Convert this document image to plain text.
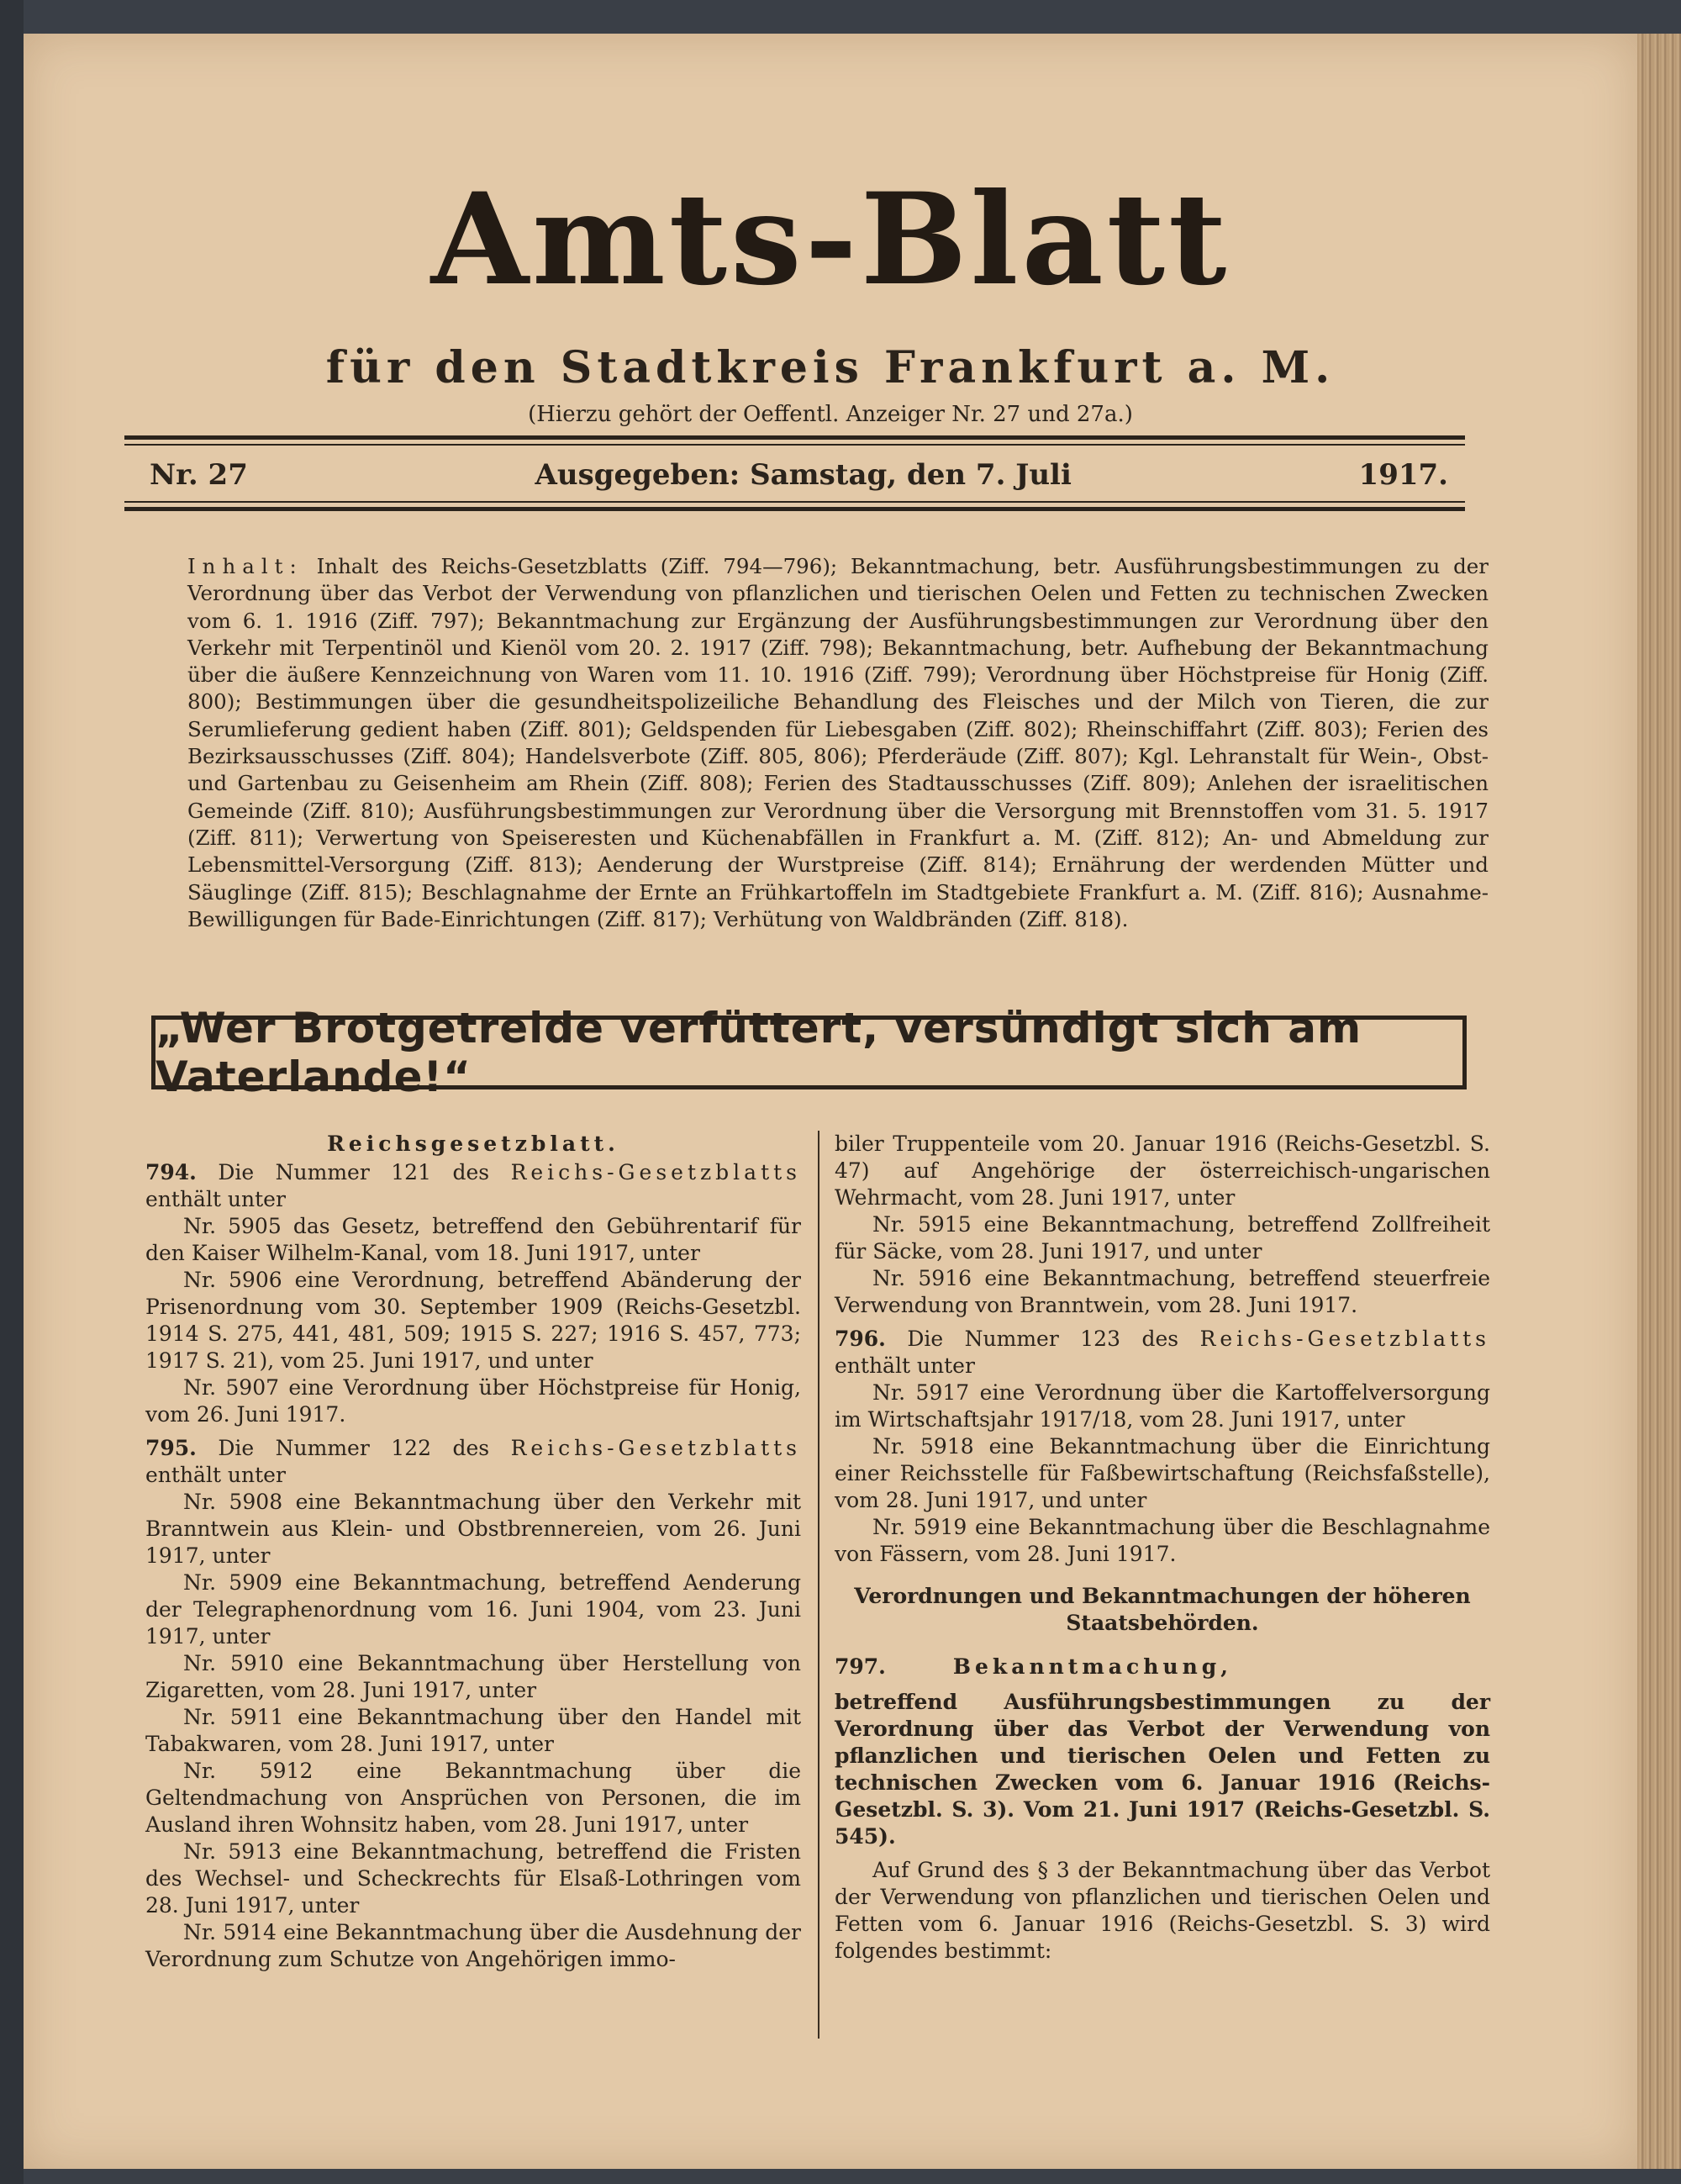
Amts-Blatt
für den Stadtkreis Frankfurt a. M.
(Hierzu gehört der Oeffentl. Anzeiger Nr. 27 und 27a.)
Nr. 27	Ausgegeben: Samstag, den 7. Juli	1917.
Inhalt: Inhalt des Reichs-Gesetzblatts (Ziff. 794—796); Bekanntmachung, betr. Ausführungsbestimmungen zu der Verordnung über das Verbot der Verwendung von pflanzlichen und tierischen Oelen und Fetten zu technischen Zwecken vom 6. 1. 1916 (Ziff. 797); Bekanntmachung zur Ergänzung der Ausführungsbestimmungen zur Verordnung über den Verkehr mit Terpentinöl und Kienöl vom 20. 2. 1917 (Ziff. 798); Bekanntmachung, betr. Aufhebung der Bekanntmachung über die äußere Kennzeichnung von Waren vom 11. 10. 1916 (Ziff. 799); Verordnung über Höchstpreise für Honig (Ziff. 800); Bestimmungen über die gesundheitspolizeiliche Behandlung des Fleisches und der Milch von Tieren, die zur Serumlieferung gedient haben (Ziff. 801); Geldspenden für Liebesgaben (Ziff. 802); Rheinschiffahrt (Ziff. 803); Ferien des Bezirksausschusses (Ziff. 804); Handelsverbote (Ziff. 805, 806); Pferderäude (Ziff. 807); Kgl. Lehranstalt für Wein-, Obst- und Gartenbau zu Geisenheim am Rhein (Ziff. 808); Ferien des Stadtausschusses (Ziff. 809); Anlehen der israelitischen Gemeinde (Ziff. 810); Ausführungsbestimmungen zur Verordnung über die Versorgung mit Brennstoffen vom 31. 5. 1917 (Ziff. 811); Verwertung von Speiseresten und Küchenabfällen in Frankfurt a. M. (Ziff. 812); An- und Abmeldung zur Lebensmittel-Versorgung (Ziff. 813); Aenderung der Wurstpreise (Ziff. 814); Ernährung der werdenden Mütter und Säuglinge (Ziff. 815); Beschlagnahme der Ernte an Frühkartoffeln im Stadtgebiete Frankfurt a. M. (Ziff. 816); Ausnahme-Bewilligungen für Bade-Einrichtungen (Ziff. 817); Verhütung von Waldbränden (Ziff. 818).
„Wer Brotgetreide verfüttert, versündigt sich am Vaterlande!“
Reichsgesetzblatt.

794. Die Nummer 121 des Reichs-Gesetzblatts enthält unter

Nr. 5905 das Gesetz, betreffend den Gebührentarif für den Kaiser Wilhelm-Kanal, vom 18. Juni 1917, unter

Nr. 5906 eine Verordnung, betreffend Abänderung der Prisenordnung vom 30. September 1909 (Reichs-Gesetzbl. 1914 S. 275, 441, 481, 509; 1915 S. 227; 1916 S. 457, 773; 1917 S. 21), vom 25. Juni 1917, und unter

Nr. 5907 eine Verordnung über Höchstpreise für Honig, vom 26. Juni 1917.

795. Die Nummer 122 des Reichs-Gesetzblatts enthält unter

Nr. 5908 eine Bekanntmachung über den Verkehr mit Branntwein aus Klein- und Obstbrennereien, vom 26. Juni 1917, unter

Nr. 5909 eine Bekanntmachung, betreffend Aenderung der Telegraphenordnung vom 16. Juni 1904, vom 23. Juni 1917, unter

Nr. 5910 eine Bekanntmachung über Herstellung von Zigaretten, vom 28. Juni 1917, unter

Nr. 5911 eine Bekanntmachung über den Handel mit Tabakwaren, vom 28. Juni 1917, unter

Nr. 5912 eine Bekanntmachung über die Geltendmachung von Ansprüchen von Personen, die im Ausland ihren Wohnsitz haben, vom 28. Juni 1917, unter

Nr. 5913 eine Bekanntmachung, betreffend die Fristen des Wechsel- und Scheckrechts für Elsaß-Lothringen vom 28. Juni 1917, unter

Nr. 5914 eine Bekanntmachung über die Ausdehnung der Verordnung zum Schutze von Angehörigen immo-

biler Truppenteile vom 20. Januar 1916 (Reichs-Gesetzbl. S. 47) auf Angehörige der österreichisch-ungarischen Wehrmacht, vom 28. Juni 1917, unter

Nr. 5915 eine Bekanntmachung, betreffend Zollfreiheit für Säcke, vom 28. Juni 1917, und unter

Nr. 5916 eine Bekanntmachung, betreffend steuerfreie Verwendung von Branntwein, vom 28. Juni 1917.

796. Die Nummer 123 des Reichs-Gesetzblatts enthält unter

Nr. 5917 eine Verordnung über die Kartoffelversorgung im Wirtschaftsjahr 1917/18, vom 28. Juni 1917, unter

Nr. 5918 eine Bekanntmachung über die Einrichtung einer Reichsstelle für Faßbewirtschaftung (Reichsfaßstelle), vom 28. Juni 1917, und unter

Nr. 5919 eine Bekanntmachung über die Beschlagnahme von Fässern, vom 28. Juni 1917.

Verordnungen und Bekanntmachungen der höheren
Staatsbehörden.
797.	Bekanntmachung,

betreffend Ausführungsbestimmungen zu der Verordnung über das Verbot der Verwendung von pflanzlichen und tierischen Oelen und Fetten zu technischen Zwecken vom 6. Januar 1916 (Reichs-Gesetzbl. S. 3). Vom 21. Juni 1917 (Reichs-Gesetzbl. S. 545).

Auf Grund des § 3 der Bekanntmachung über das Verbot der Verwendung von pflanzlichen und tierischen Oelen und Fetten vom 6. Januar 1916 (Reichs-Gesetzbl. S. 3) wird folgendes bestimmt:
